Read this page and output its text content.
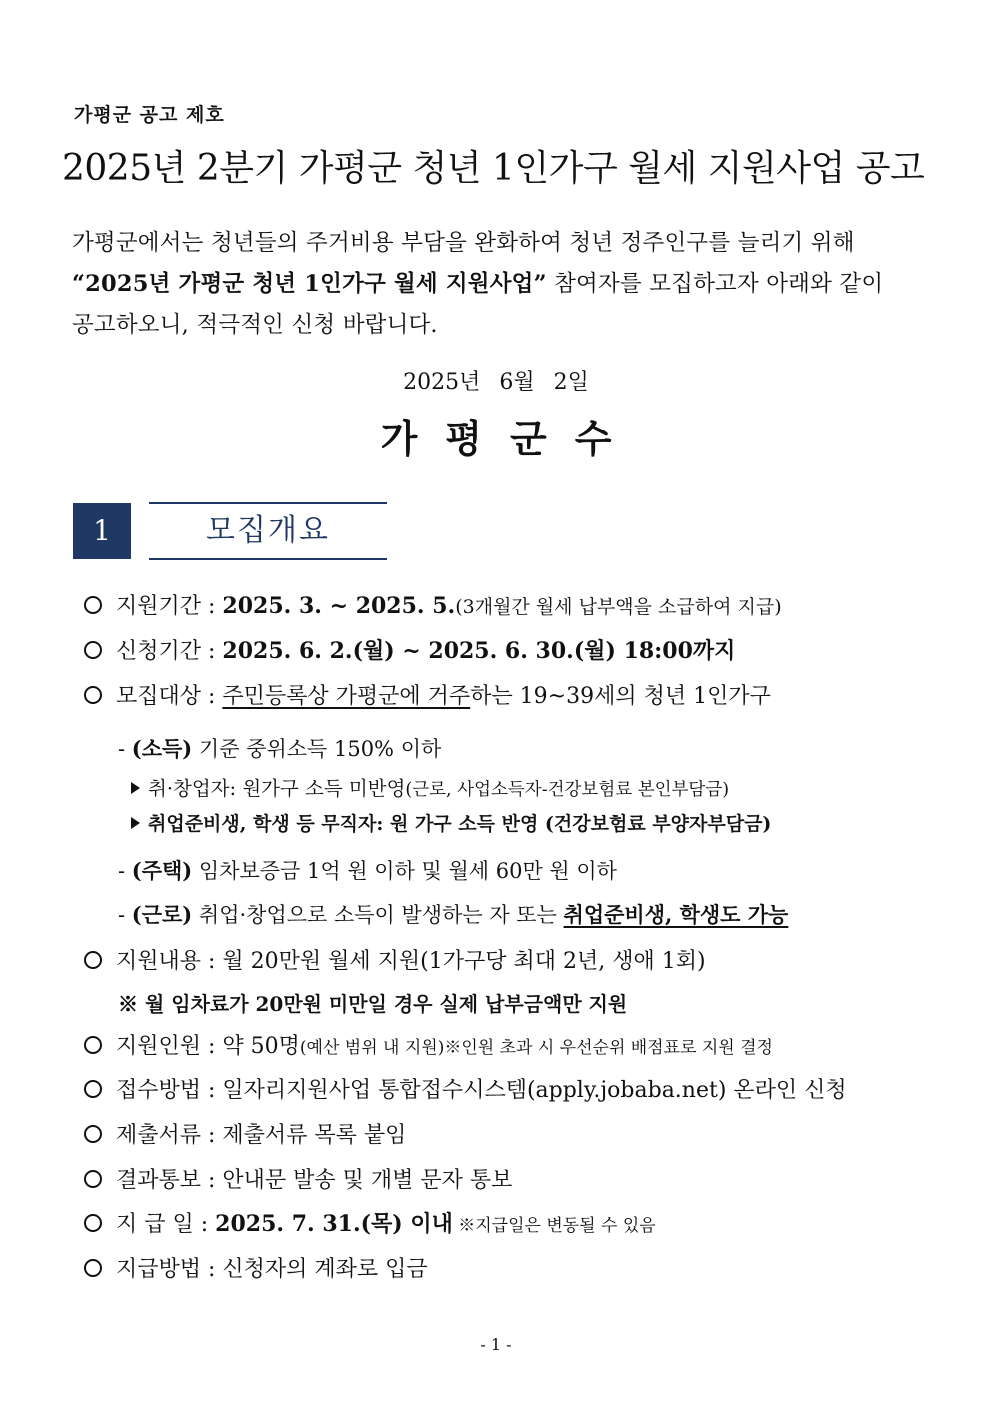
가평군 공고 제호
2025년 2분기 가평군 청년 1인가구 월세 지원사업 공고
가평군에서는 청년들의 주거비용 부담을 완화하여 청년 정주인구를 늘리기 위해
“2025년 가평군 청년 1인가구 월세 지원사업” 참여자를 모집하고자 아래와 같이
공고하오니, 적극적인 신청 바랍니다.
2025년 6월 2일
가평군수
1	모집개요
지원기간 : 2025. 3. ~ 2025. 5.(3개월간 월세 납부액을 소급하여 지급)
신청기간 : 2025. 6. 2.(월) ~ 2025. 6. 30.(월) 18:00까지
모집대상 : 주민등록상 가평군에 거주하는 19~39세의 청년 1인가구
- (소득) 기준 중위소득 150% 이하
취·창업자: 원가구 소득 미반영(근로, 사업소득자-건강보험료 본인부담금)
취업준비생, 학생 등 무직자: 원 가구 소득 반영 (건강보험료 부양자부담금)
- (주택) 임차보증금 1억 원 이하 및 월세 60만 원 이하
- (근로) 취업·창업으로 소득이 발생하는 자 또는 취업준비생, 학생도 가능
지원내용 : 월 20만원 월세 지원(1가구당 최대 2년, 생애 1회)
※ 월 임차료가 20만원 미만일 경우 실제 납부금액만 지원
지원인원 : 약 50명(예산 범위 내 지원)※인원 초과 시 우선순위 배점표로 지원 결정
접수방법 : 일자리지원사업 통합접수시스템(apply.jobaba.net) 온라인 신청
제출서류 : 제출서류 목록 붙임
결과통보 : 안내문 발송 및 개별 문자 통보
지 급 일 : 2025. 7. 31.(목) 이내 ※지급일은 변동될 수 있음
지급방법 : 신청자의 계좌로 입금
- 1 -
